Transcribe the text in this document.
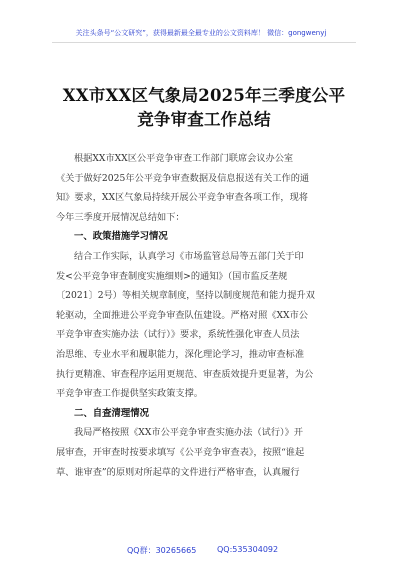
关注头条号“公文研究”，获得最新最全最专业的公文资料库！ 微信：gongwenyj
XX市XX区气象局2025年三季度公平
竞争审查工作总结
根据XX市XX区公平竞争审查工作部门联席会议办公室
《关于做好2025年公平竞争审查数据及信息报送有关工作的通
知》要求，XX区气象局持续开展公平竞争审查各项工作，现将
今年三季度开展情况总结如下：
一、政策措施学习情况
结合工作实际，认真学习《市场监管总局等五部门关于印
发<公平竞争审查制度实施细则>的通知》（国市监反垄规
〔2021〕2号）等相关规章制度，坚持以制度规范和能力提升双
轮驱动，全面推进公平竞争审查队伍建设。严格对照《XX市公
平竞争审查实施办法（试行）》要求，系统性强化审查人员法
治思维、专业水平和履职能力，深化理论学习，推动审查标准
执行更精准、审查程序运用更规范、审查质效提升更显著，为公
平竞争审查工作提供坚实政策支撑。
二、自查清理情况
我局严格按照《XX市公平竞争审查实施办法（试行）》开
展审查，开审查时按要求填写《公平竞争审查表》，按照“谁起
草、谁审查”的原则对所起草的文件进行严格审查，认真履行
QQ群：30265665	QQ:535304092
